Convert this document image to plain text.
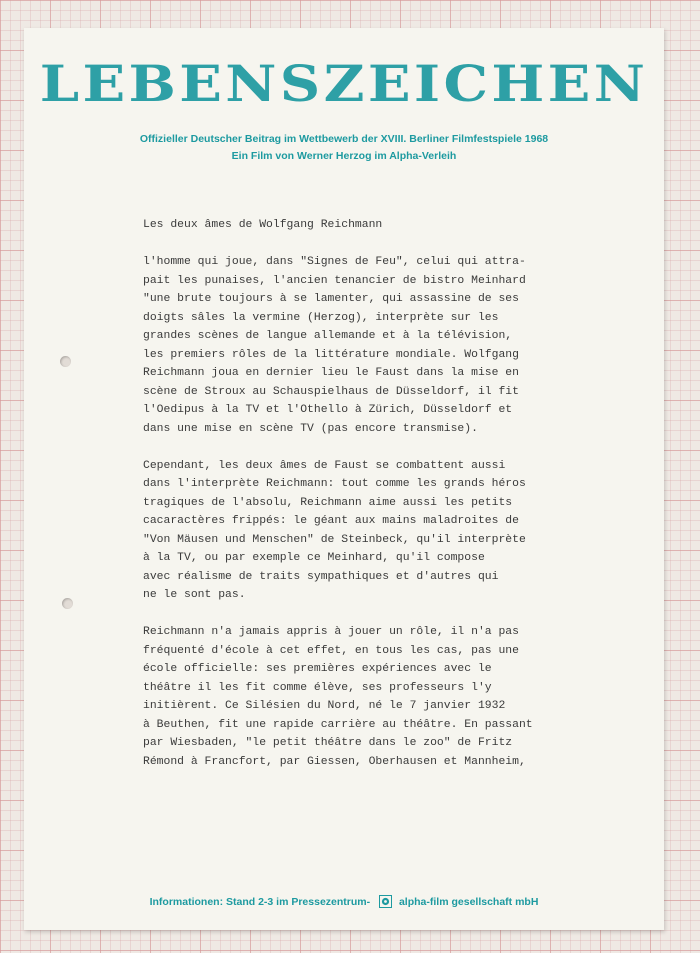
LEBENSZEICHEN
Offizieller Deutscher Beitrag im Wettbewerb der XVIII. Berliner Filmfestspiele 1968
Ein Film von Werner Herzog im Alpha-Verleih

Les deux âmes de Wolfgang Reichmann

l'homme qui joue, dans "Signes de Feu", celui qui attra-

pait les punaises, l'ancien tenancier de bistro Meinhard

"une brute toujours à se lamenter, qui assassine de ses

doigts sâles la vermine (Herzog), interprète sur les

grandes scènes de langue allemande et à la télévision,

les premiers rôles de la littérature mondiale. Wolfgang

Reichmann joua en dernier lieu le Faust dans la mise en

scène de Stroux au Schauspielhaus de Düsseldorf, il fit

l'Oedipus à la TV et l'Othello à Zürich, Düsseldorf et

dans une mise en scène TV (pas encore transmise).

Cependant, les deux âmes de Faust se combattent aussi

dans l'interprète Reichmann: tout comme les grands héros

tragiques de l'absolu, Reichmann aime aussi les petits

cacaractères frippés: le géant aux mains maladroites de

"Von Mäusen und Menschen" de Steinbeck, qu'il interprète

à la TV, ou par exemple ce Meinhard, qu'il compose

avec réalisme de traits sympathiques et d'autres qui

ne le sont pas.

Reichmann n'a jamais appris à jouer un rôle, il n'a pas

fréquenté d'école à cet effet, en tous les cas, pas une

école officielle: ses premières expériences avec le

théâtre il les fit comme élève, ses professeurs l'y

initièrent. Ce Silésien du Nord, né le 7 janvier 1932

à Beuthen, fit une rapide carrière au théâtre. En passant

par Wiesbaden, "le petit théâtre dans le zoo" de Fritz

Rémond à Francfort, par Giessen, Oberhausen et Mannheim,

Informationen: Stand 2-3 im Pressezentrum-	alpha-film gesellschaft mbH
